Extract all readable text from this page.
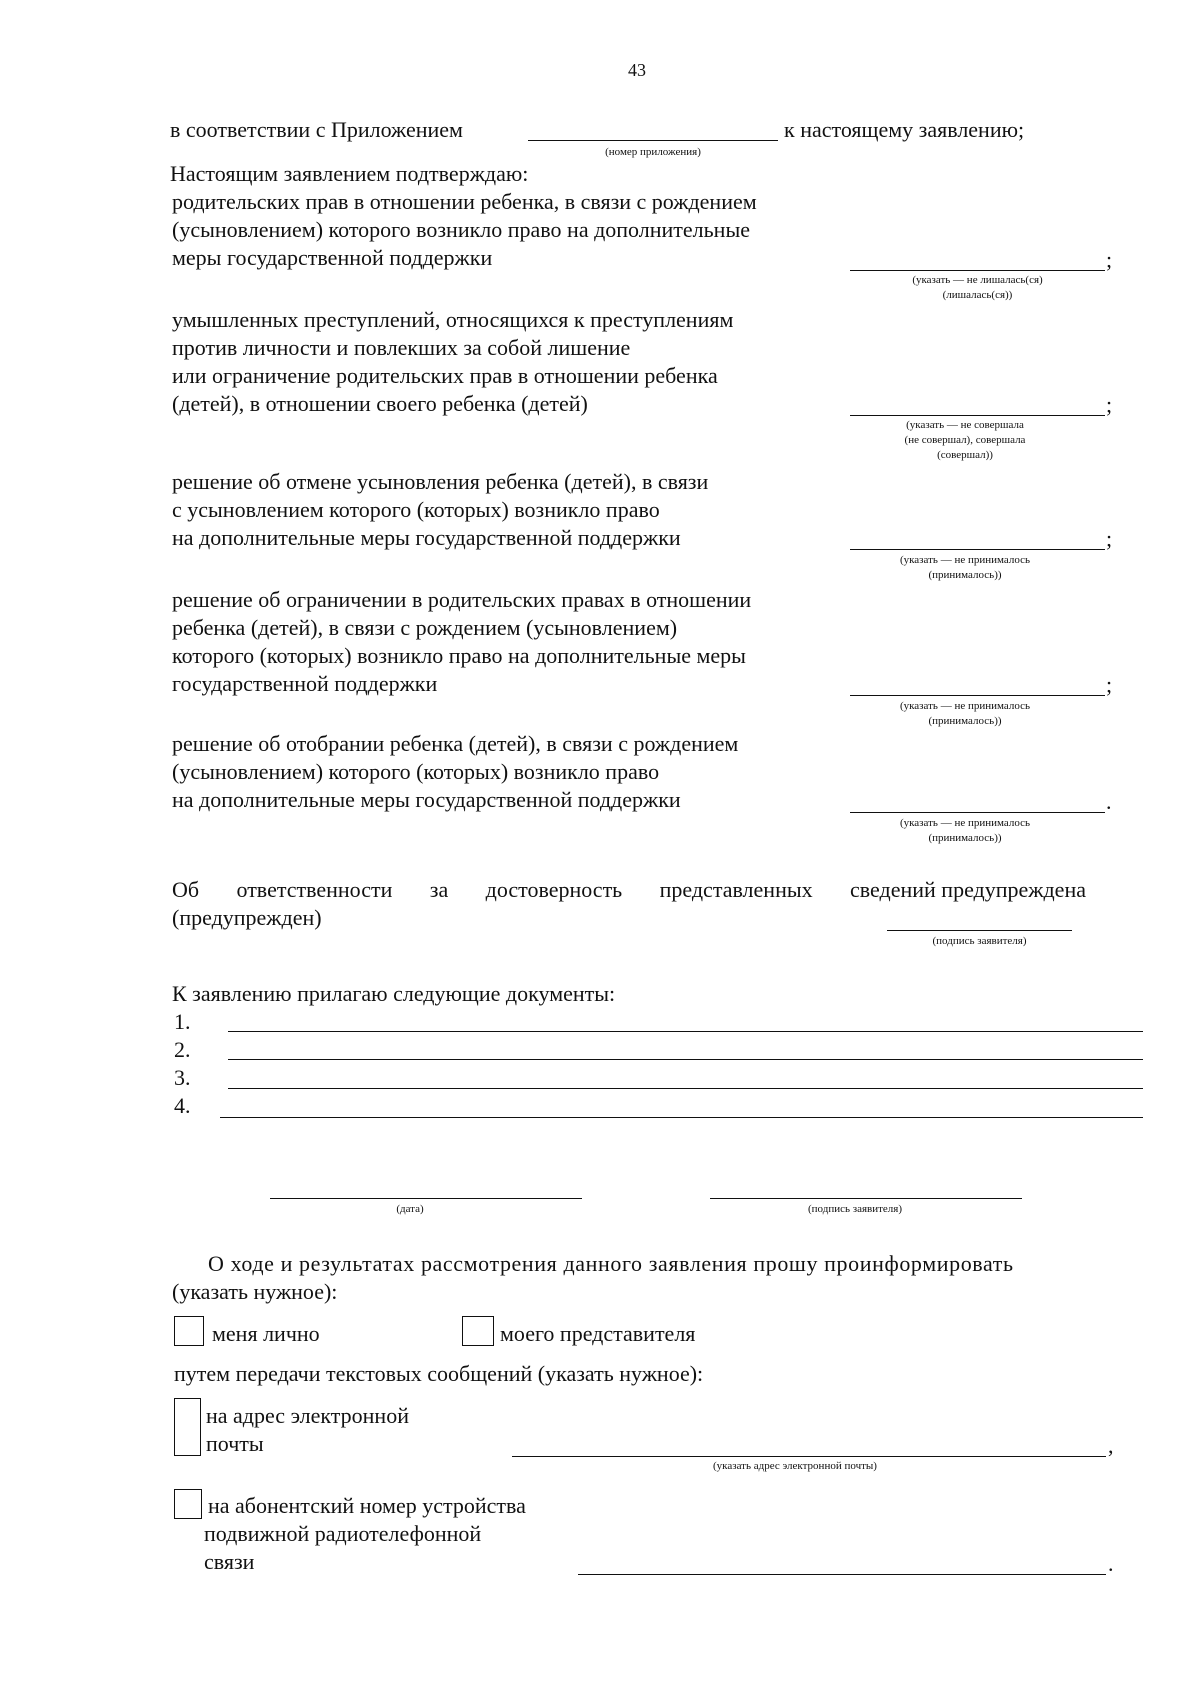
43
в соответствии с Приложением	к настоящему заявлению;
(номер приложения)
Настоящим заявлением подтверждаю:
родительских прав в отношении ребенка, в связи с рождением
(усыновлением) которого возникло право на дополнительные
меры государственной поддержки	;
(указать — не лишалась(ся)
(лишалась(ся))
умышленных преступлений, относящихся к преступлениям
против личности и повлекших за собой лишение
или ограничение родительских прав в отношении ребенка
(детей), в отношении своего ребенка (детей)	;
(указать — не совершала
(не совершал), совершала
(совершал))
решение об отмене усыновления ребенка (детей), в связи
с усыновлением которого (которых) возникло право
на дополнительные меры государственной поддержки	;
(указать — не принималось
(принималось))
решение об ограничении в родительских правах в отношении
ребенка (детей), в связи с рождением (усыновлением)
которого (которых) возникло право на дополнительные меры
государственной поддержки	;
(указать — не принималось
(принималось))
решение об отобрании ребенка (детей), в связи с рождением
(усыновлением) которого (которых) возникло право
на дополнительные меры государственной поддержки	.
(указать — не принималось
(принималось))
Об ответственности за достоверность представленных сведений предупреждена
(предупрежден)
(подпись заявителя)
К заявлению прилагаю следующие документы:
1.
2.
3.
4.
(дата)	(подпись заявителя)
О ходе и результатах рассмотрения данного заявления прошу проинформировать
(указать нужное):
меня лично	моего представителя
путем передачи текстовых сообщений (указать нужное):
на адрес электронной
почты	,
(указать адрес электронной почты)
на абонентский номер устройства
подвижной радиотелефонной
связи	.
